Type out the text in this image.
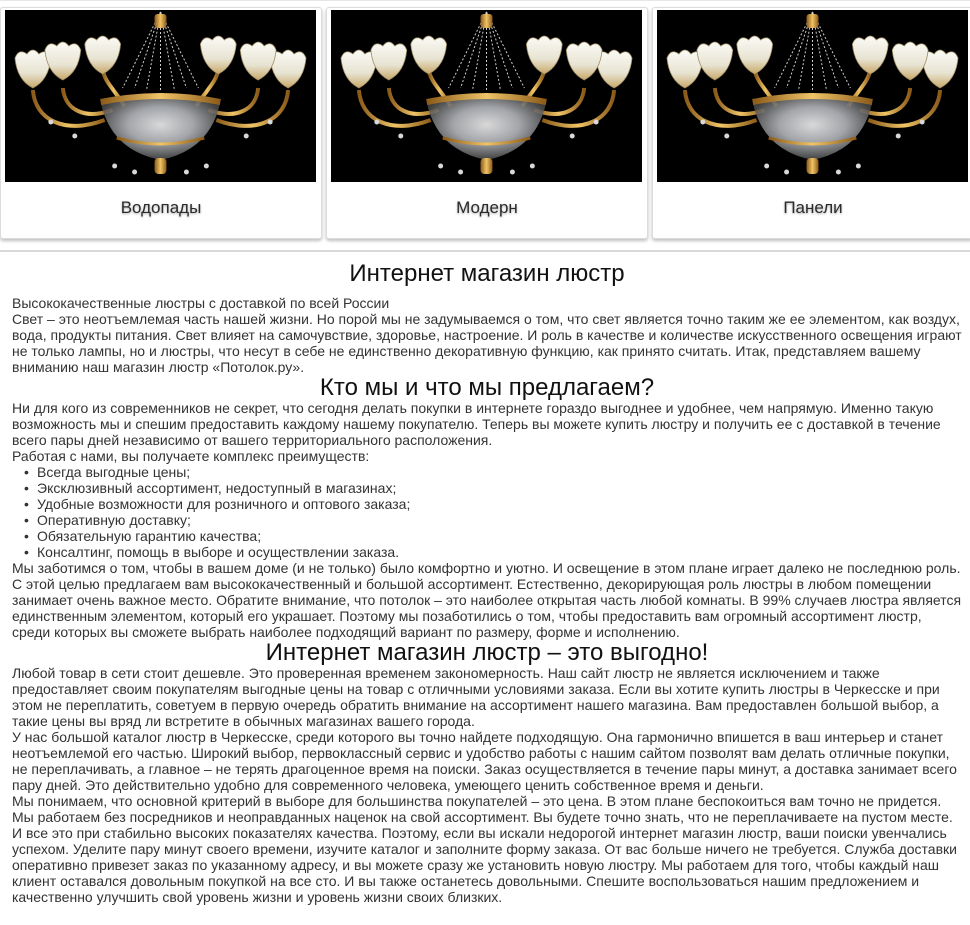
Водопады	Модерн	Панели
Интернет магазин люстр

Высококачественные люстры с доставкой по всей России

Свет – это неотъемлемая часть нашей жизни. Но порой мы не задумываемся о том, что свет является точно таким же ее элементом, как воздух, вода, продукты питания. Свет влияет на самочувствие, здоровье, настроение. И роль в качестве и количестве искусственного освещения играют не только лампы, но и люстры, что несут в себе не единственно декоративную функцию, как принято считать. Итак, представляем вашему вниманию наш магазин люстр «Потолок.ру».

Кто мы и что мы предлагаем?

Ни для кого из современников не секрет, что сегодня делать покупки в интернете гораздо выгоднее и удобнее, чем напрямую. Именно такую возможность мы и спешим предоставить каждому нашему покупателю. Теперь вы можете купить люстру и получить ее с доставкой в течение всего пары дней независимо от вашего территориального расположения.

Работая с нами, вы получаете комплекс преимуществ:

• Всегда выгодные цены;
• Эксклюзивный ассортимент, недоступный в магазинах;
• Удобные возможности для розничного и оптового заказа;
• Оперативную доставку;
• Обязательную гарантию качества;
• Консалтинг, помощь в выборе и осуществлении заказа.

Мы заботимся о том, чтобы в вашем доме (и не только) было комфортно и уютно. И освещение в этом плане играет далеко не последнюю роль. С этой целью предлагаем вам высококачественный и большой ассортимент. Естественно, декорирующая роль люстры в любом помещении занимает очень важное место. Обратите внимание, что потолок – это наиболее открытая часть любой комнаты. В 99% случаев люстра является единственным элементом, который его украшает. Поэтому мы позаботились о том, чтобы предоставить вам огромный ассортимент люстр, среди которых вы сможете выбрать наиболее подходящий вариант по размеру, форме и исполнению.

Интернет магазин люстр – это выгодно!

Любой товар в сети стоит дешевле. Это проверенная временем закономерность. Наш сайт люстр не является исключением и также предоставляет своим покупателям выгодные цены на товар с отличными условиями заказа. Если вы хотите купить люстры в Черкесске и при этом не переплатить, советуем в первую очередь обратить внимание на ассортимент нашего магазина. Вам предоставлен большой выбор, а такие цены вы вряд ли встретите в обычных магазинах вашего города.

У нас большой каталог люстр в Черкесске, среди которого вы точно найдете подходящую. Она гармонично впишется в ваш интерьер и станет неотъемлемой его частью. Широкий выбор, первоклассный сервис и удобство работы с нашим сайтом позволят вам делать отличные покупки, не переплачивать, а главное – не терять драгоценное время на поиски. Заказ осуществляется в течение пары минут, а доставка занимает всего пару дней. Это действительно удобно для современного человека, умеющего ценить собственное время и деньги.

Мы понимаем, что основной критерий в выборе для большинства покупателей – это цена. В этом плане беспокоиться вам точно не придется. Мы работаем без посредников и неоправданных наценок на свой ассортимент. Вы будете точно знать, что не переплачиваете на пустом месте. И все это при стабильно высоких показателях качества. Поэтому, если вы искали недорогой интернет магазин люстр, ваши поиски увенчались успехом. Уделите пару минут своего времени, изучите каталог и заполните форму заказа. От вас больше ничего не требуется. Служба доставки оперативно привезет заказ по указанному адресу, и вы можете сразу же установить новую люстру. Мы работаем для того, чтобы каждый наш клиент оставался довольным покупкой на все сто. И вы также останетесь довольными. Спешите воспользоваться нашим предложением и качественно улучшить свой уровень жизни и уровень жизни своих близких.
